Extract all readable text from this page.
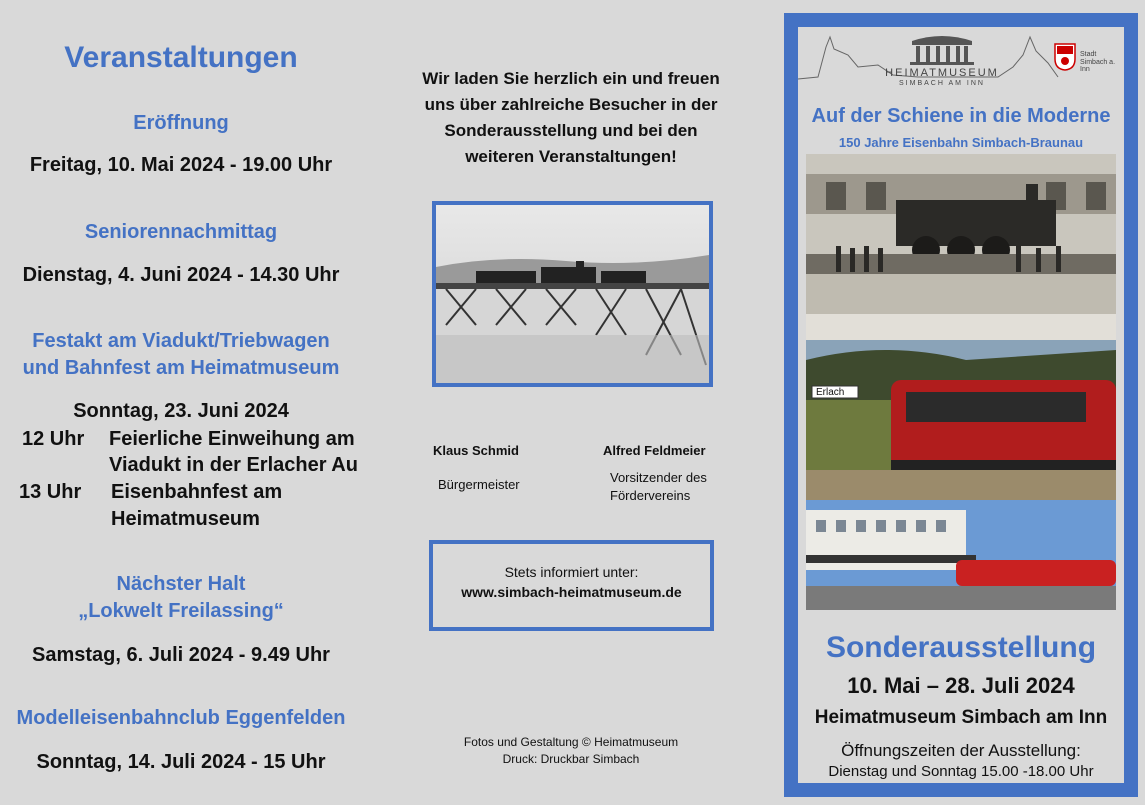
Veranstaltungen
Eröffnung
Freitag, 10. Mai 2024 - 19.00 Uhr
Seniorennachmittag
Dienstag, 4. Juni 2024 - 14.30 Uhr
Festakt am Viadukt/Triebwagen
und Bahnfest am Heimatmuseum
Sonntag, 23. Juni 2024
12 Uhr Feierliche Einweihung am
Viadukt in der Erlacher Au
13 Uhr Eisenbahnfest am
Heimatmuseum
Nächster Halt
„Lokwelt Freilassing“
Samstag, 6. Juli 2024 - 9.49 Uhr
Modelleisenbahnclub Eggenfelden
Sonntag, 14. Juli 2024 - 15 Uhr
Wir laden Sie herzlich ein und freuen
uns über zahlreiche Besucher in der
Sonderausstellung und bei den
weiteren Veranstaltungen!
Klaus Schmid
Bürgermeister
Alfred Feldmeier
Vorsitzender des
Fördervereins
Stets informiert unter:
www.simbach-heimatmuseum.de
Fotos und Gestaltung © Heimatmuseum
Druck: Druckbar Simbach
HEIMATMUSEUM
SIMBACH AM INN
Stadt
Simbach a. Inn
Auf der Schiene in die Moderne
150 Jahre Eisenbahn Simbach-Braunau
Erlach
Sonderausstellung
10. Mai – 28. Juli 2024
Heimatmuseum Simbach am Inn
Öffnungszeiten der Ausstellung:
Dienstag und Sonntag 15.00 -18.00 Uhr
